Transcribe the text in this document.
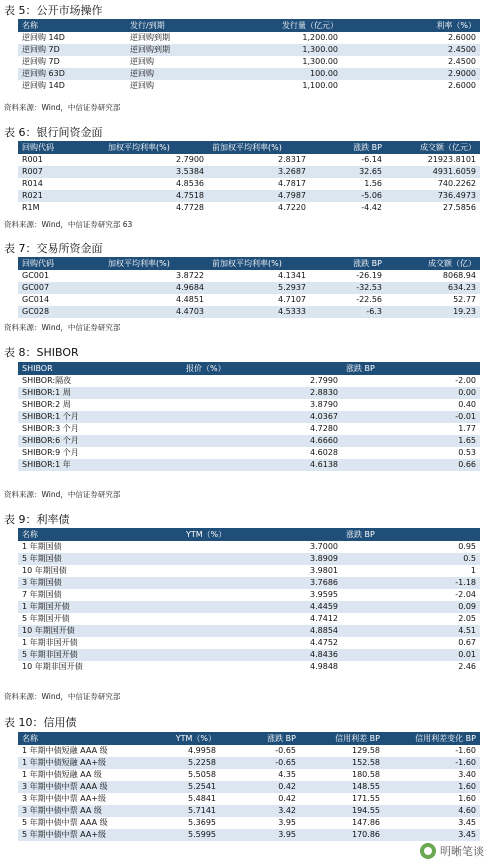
表 5：公开市场操作
名称	发行/到期	发行量（亿元）	利率（%）
逆回购 14D	逆回购到期	1,200.00	2.6000
逆回购 7D	逆回购到期	1,300.00	2.4500
逆回购 7D	逆回购	1,300.00	2.4500
逆回购 63D	逆回购	100.00	2.9000
逆回购 14D	逆回购	1,100.00	2.6000
资料来源：Wind，中信证券研究部
表 6：银行间资金面
回购代码	加权平均利率(%)	前加权平均利率(%)	涨跌 BP	成交额（亿元）
R001	2.7900	2.8317	-6.14	21923.8101
R007	3.5384	3.2687	32.65	4931.6059
R014	4.8536	4.7817	1.56	740.2262
R021	4.7518	4.7987	-5.06	736.4973
R1M	4.7728	4.7220	-4.42	27.5856
资料来源：Wind，中信证券研究部 63
表 7：交易所资金面
回购代码	加权平均利率(%)	前加权平均利率(%)	涨跌 BP	成交额（亿）
GC001	3.8722	4.1341	-26.19	8068.94
GC007	4.9684	5.2937	-32.53	634.23
GC014	4.4851	4.7107	-22.56	52.77
GC028	4.4703	4.5333	-6.3	19.23
资料来源：Wind，中信证券研究部
表 8：SHIBOR
SHIBOR	报价（%）	涨跌 BP
SHIBOR:隔夜	2.7990	-2.00
SHIBOR:1 周	2.8830	0.00
SHIBOR:2 周	3.8790	0.40
SHIBOR:1 个月	4.0367	-0.01
SHIBOR:3 个月	4.7280	1.77
SHIBOR:6 个月	4.6660	1.65
SHIBOR:9 个月	4.6028	0.53
SHIBOR:1 年	4.6138	0.66
资料来源：Wind，中信证券研究部
表 9：利率债
名称	YTM（%）	涨跌 BP
1 年期国债	3.7000	0.95
5 年期国债	3.8909	0.5
10 年期国债	3.9801	1
3 年期国债	3.7686	-1.18
7 年期国债	3.9595	-2.04
1 年期国开债	4.4459	0.09
5 年期国开债	4.7412	2.05
10 年期国开债	4.8854	4.51
1 年期非国开债	4.4752	0.67
5 年期非国开债	4.8436	0.01
10 年期非国开债	4.9848	2.46
资料来源：Wind，中信证券研究部
表 10：信用债
名称	YTM（%）	涨跌 BP	信用利差 BP	信用利差变化 BP
1 年期中债短融 AAA 级	4.9958	-0.65	129.58	-1.60
1 年期中债短融 AA+级	5.2258	-0.65	152.58	-1.60
1 年期中债短融 AA 级	5.5058	4.35	180.58	3.40
3 年期中债中票 AAA 级	5.2541	0.42	148.55	1.60
3 年期中债中票 AA+级	5.4841	0.42	171.55	1.60
3 年期中债中票 AA 级	5.7141	3.42	194.55	4.60
5 年期中债中票 AAA 级	5.3695	3.95	147.86	3.45
5 年期中债中票 AA+级	5.5995	3.95	170.86	3.45
明晰笔谈
